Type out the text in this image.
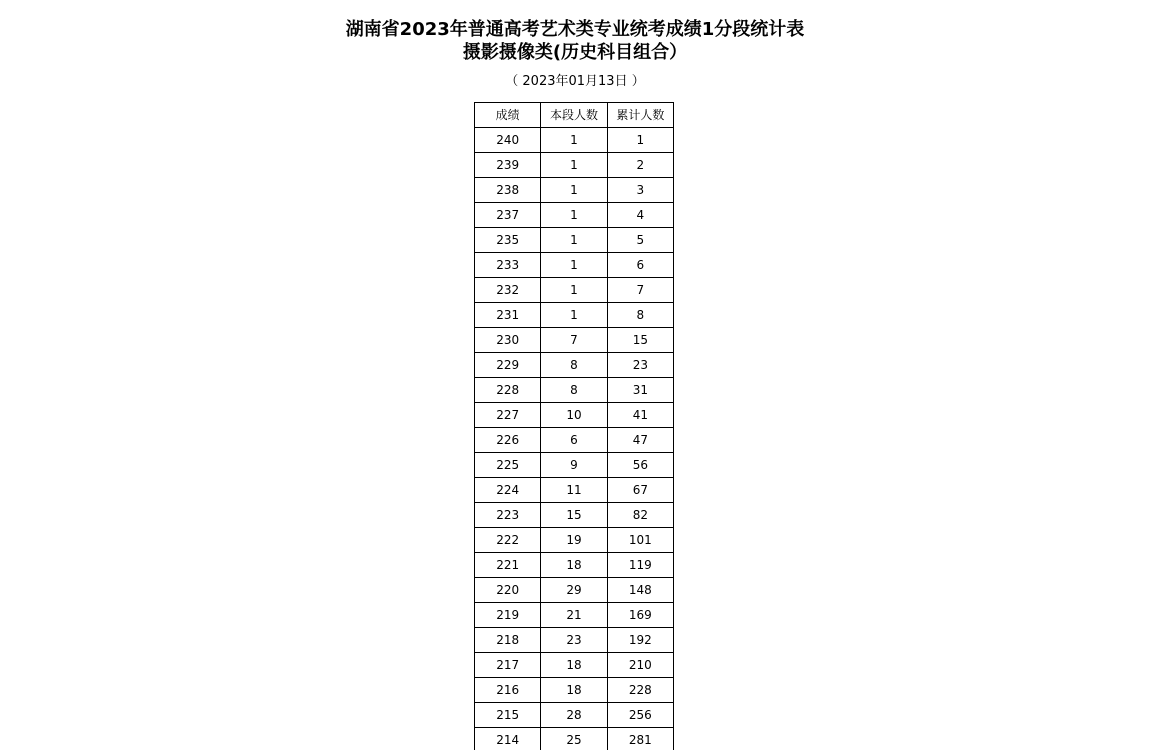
湖南省2023年普通高考艺术类专业统考成绩1分段统计表
摄影摄像类(历史科目组合）
（ 2023年01月13日 ）
成绩	本段人数	累计人数
240	1	1
239	1	2
238	1	3
237	1	4
235	1	5
233	1	6
232	1	7
231	1	8
230	7	15
229	8	23
228	8	31
227	10	41
226	6	47
225	9	56
224	11	67
223	15	82
222	19	101
221	18	119
220	29	148
219	21	169
218	23	192
217	18	210
216	18	228
215	28	256
214	25	281
